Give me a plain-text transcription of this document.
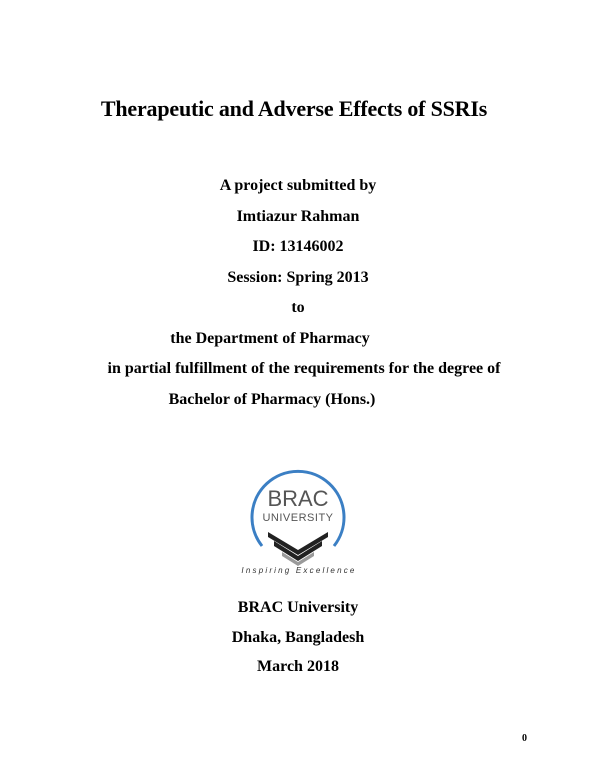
Therapeutic and Adverse Effects of SSRIs
A project submitted by
Imtiazur Rahman
ID: 13146002
Session: Spring 2013
to
the Department of Pharmacy
in partial fulfillment of the requirements for the degree of
Bachelor of Pharmacy (Hons.)
BRAC
UNIVERSITY
Inspiring Excellence
BRAC University
Dhaka, Bangladesh
March 2018
0
